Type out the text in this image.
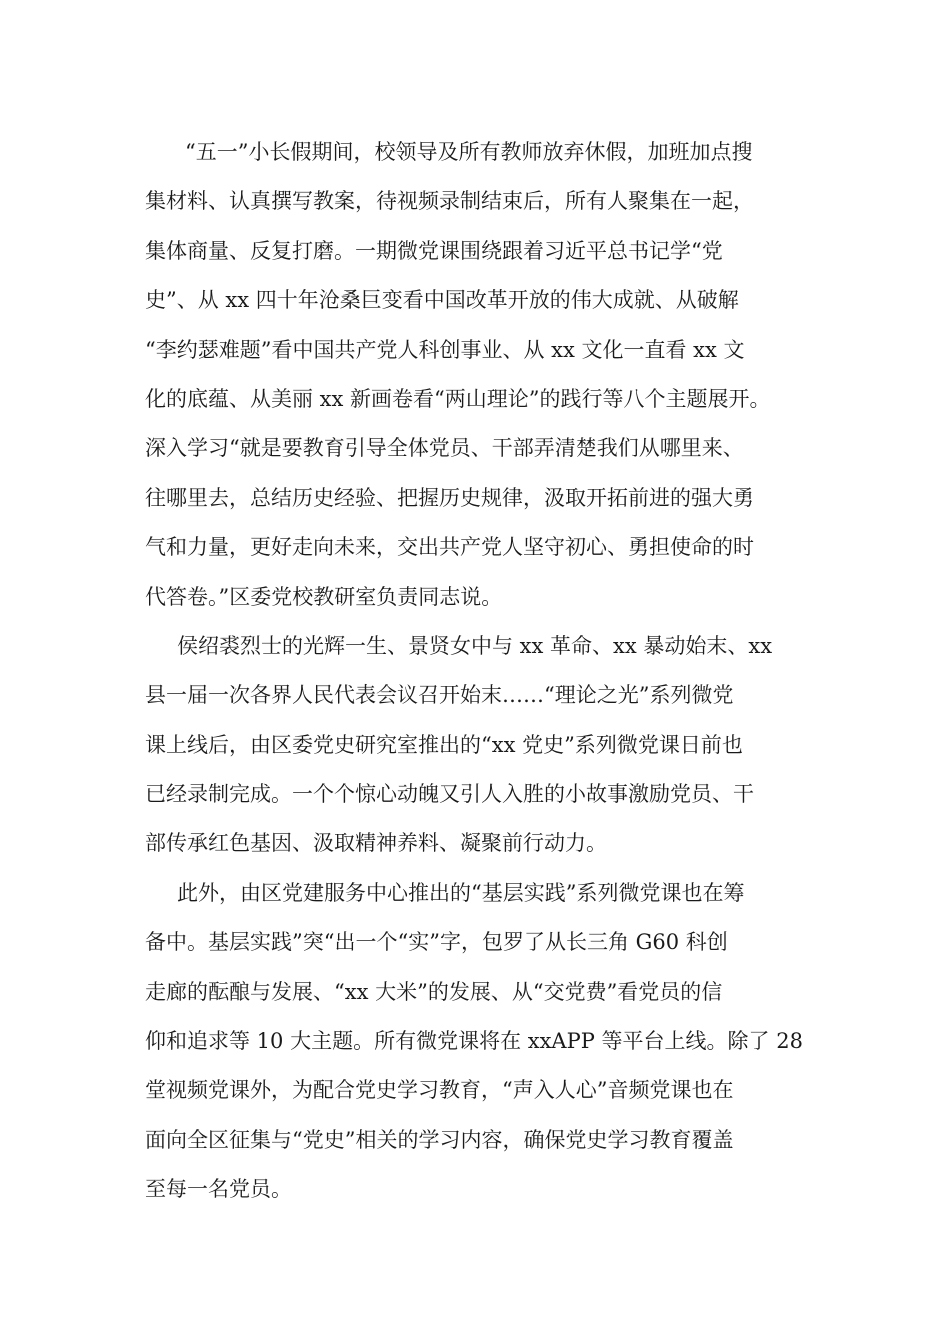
“五一”小长假期间，校领导及所有教师放弃休假，加班加点搜
集材料、认真撰写教案，待视频录制结束后，所有人聚集在一起，
集体商量、反复打磨。一期微党课围绕跟着习近平总书记学“党
史”、从 xx 四十年沧桑巨变看中国改革开放的伟大成就、从破解
“李约瑟难题”看中国共产党人科创事业、从 xx 文化一直看 xx 文
化的底蕴、从美丽 xx 新画卷看“两山理论”的践行等八个主题展开。
深入学习“就是要教育引导全体党员、干部弄清楚我们从哪里来、
往哪里去，总结历史经验、把握历史规律，汲取开拓前进的强大勇
气和力量，更好走向未来，交出共产党人坚守初心、勇担使命的时
代答卷。”区委党校教研室负责同志说。
侯绍裘烈士的光辉一生、景贤女中与 xx 革命、xx 暴动始末、xx
县一届一次各界人民代表会议召开始末……“理论之光”系列微党
课上线后，由区委党史研究室推出的“xx 党史”系列微党课日前也
已经录制完成。一个个惊心动魄又引人入胜的小故事激励党员、干
部传承红色基因、汲取精神养料、凝聚前行动力。
此外，由区党建服务中心推出的“基层实践”系列微党课也在筹
备中。基层实践”突“出一个“实”字，包罗了从长三角 G60 科创
走廊的酝酿与发展、“xx 大米”的发展、从“交党费”看党员的信
仰和追求等 10 大主题。所有微党课将在 xxAPP 等平台上线。除了 28
堂视频党课外，为配合党史学习教育，“声入人心”音频党课也在
面向全区征集与“党史”相关的学习内容，确保党史学习教育覆盖
至每一名党员。
